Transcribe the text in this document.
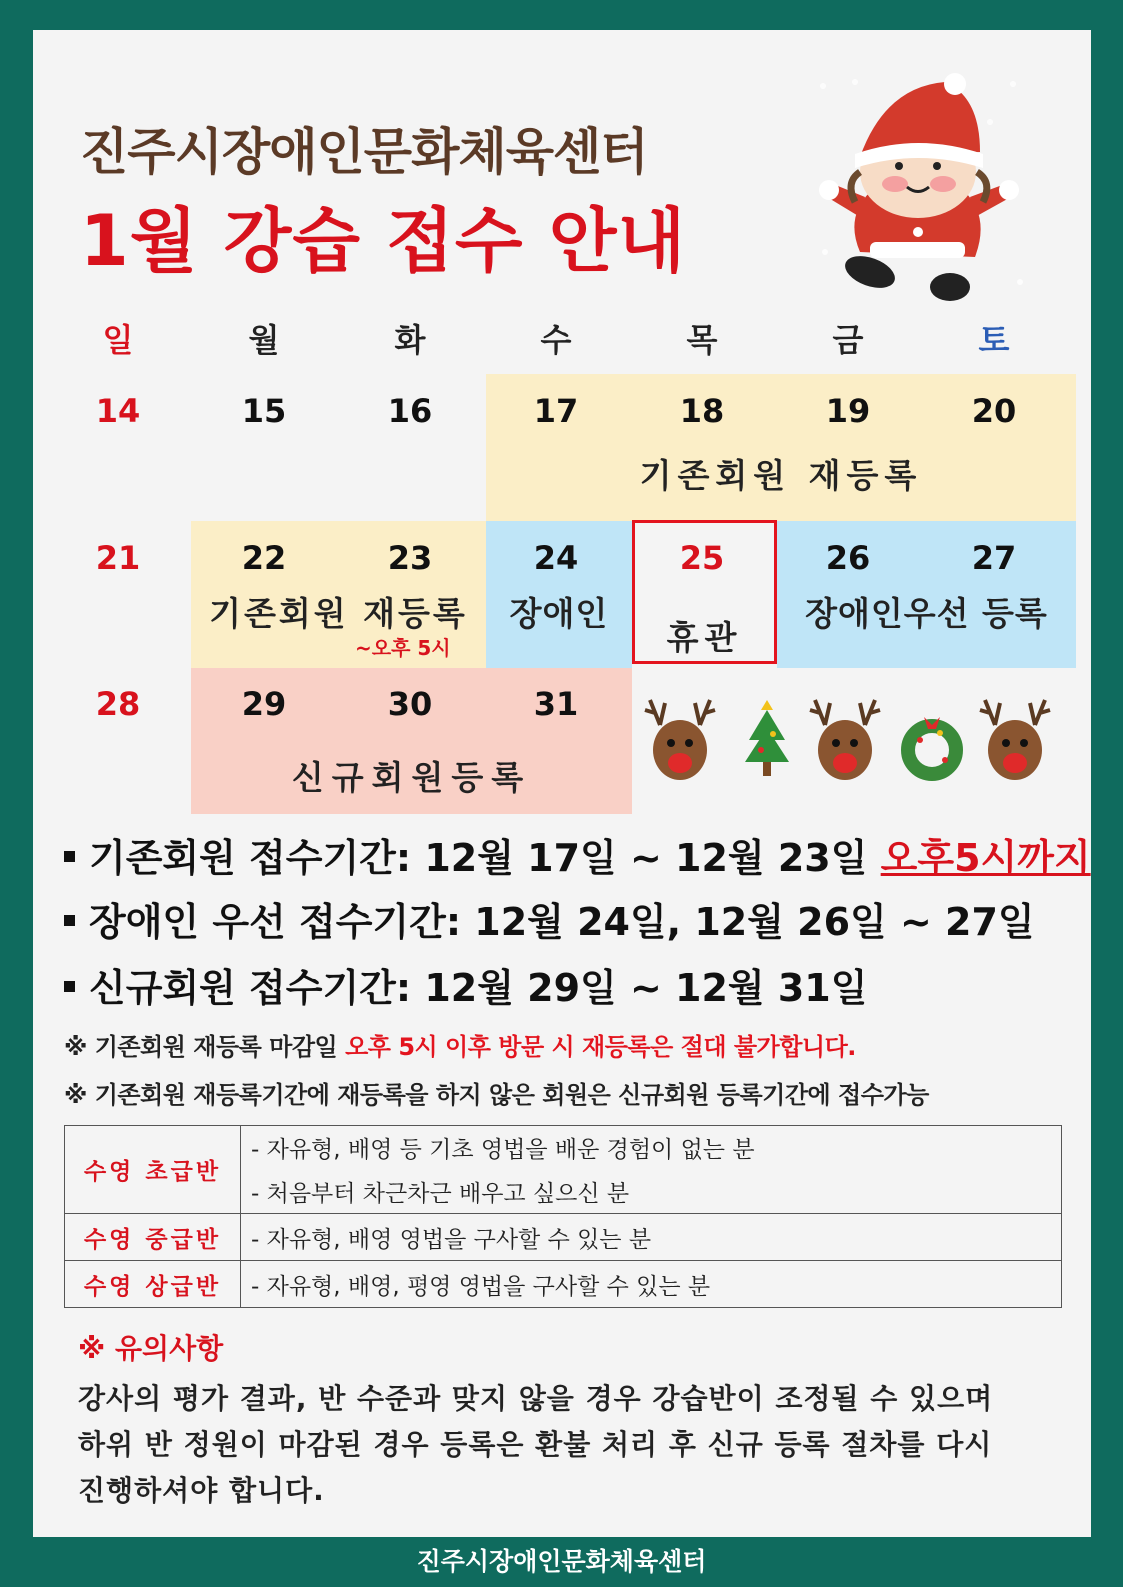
진주시장애인문화체육센터
1월 강습 접수 안내
일	월	화	수	목	금	토
14	15	16	17	18	19	20
기존회원 재등록
21	22	23	24	25	26	27
기존회원 재등록
~오후 5시
장애인
휴관
장애인우선 등록
28	29	30	31
신규회원등록
기존회원 접수기간: 12월 17일 ~ 12월 23일 오후5시까지
장애인 우선 접수기간: 12월 24일, 12월 26일 ~ 27일
신규회원 접수기간: 12월 29일 ~ 12월 31일
※ 기존회원 재등록 마감일 오후 5시 이후 방문 시 재등록은 절대 불가합니다.
※ 기존회원 재등록기간에 재등록을 하지 않은 회원은 신규회원 등록기간에 접수가능
수영 초급반	- 자유형, 배영 등 기초 영법을 배운 경험이 없는 분
	- 처음부터 차근차근 배우고 싶으신 분
수영 중급반	- 자유형, 배영 영법을 구사할 수 있는 분
수영 상급반	- 자유형, 배영, 평영 영법을 구사할 수 있는 분
※ 유의사항
강사의 평가 결과, 반 수준과 맞지 않을 경우 강습반이 조정될 수 있으며
하위 반 정원이 마감된 경우 등록은 환불 처리 후 신규 등록 절차를 다시
진행하셔야 합니다.
진주시장애인문화체육센터
